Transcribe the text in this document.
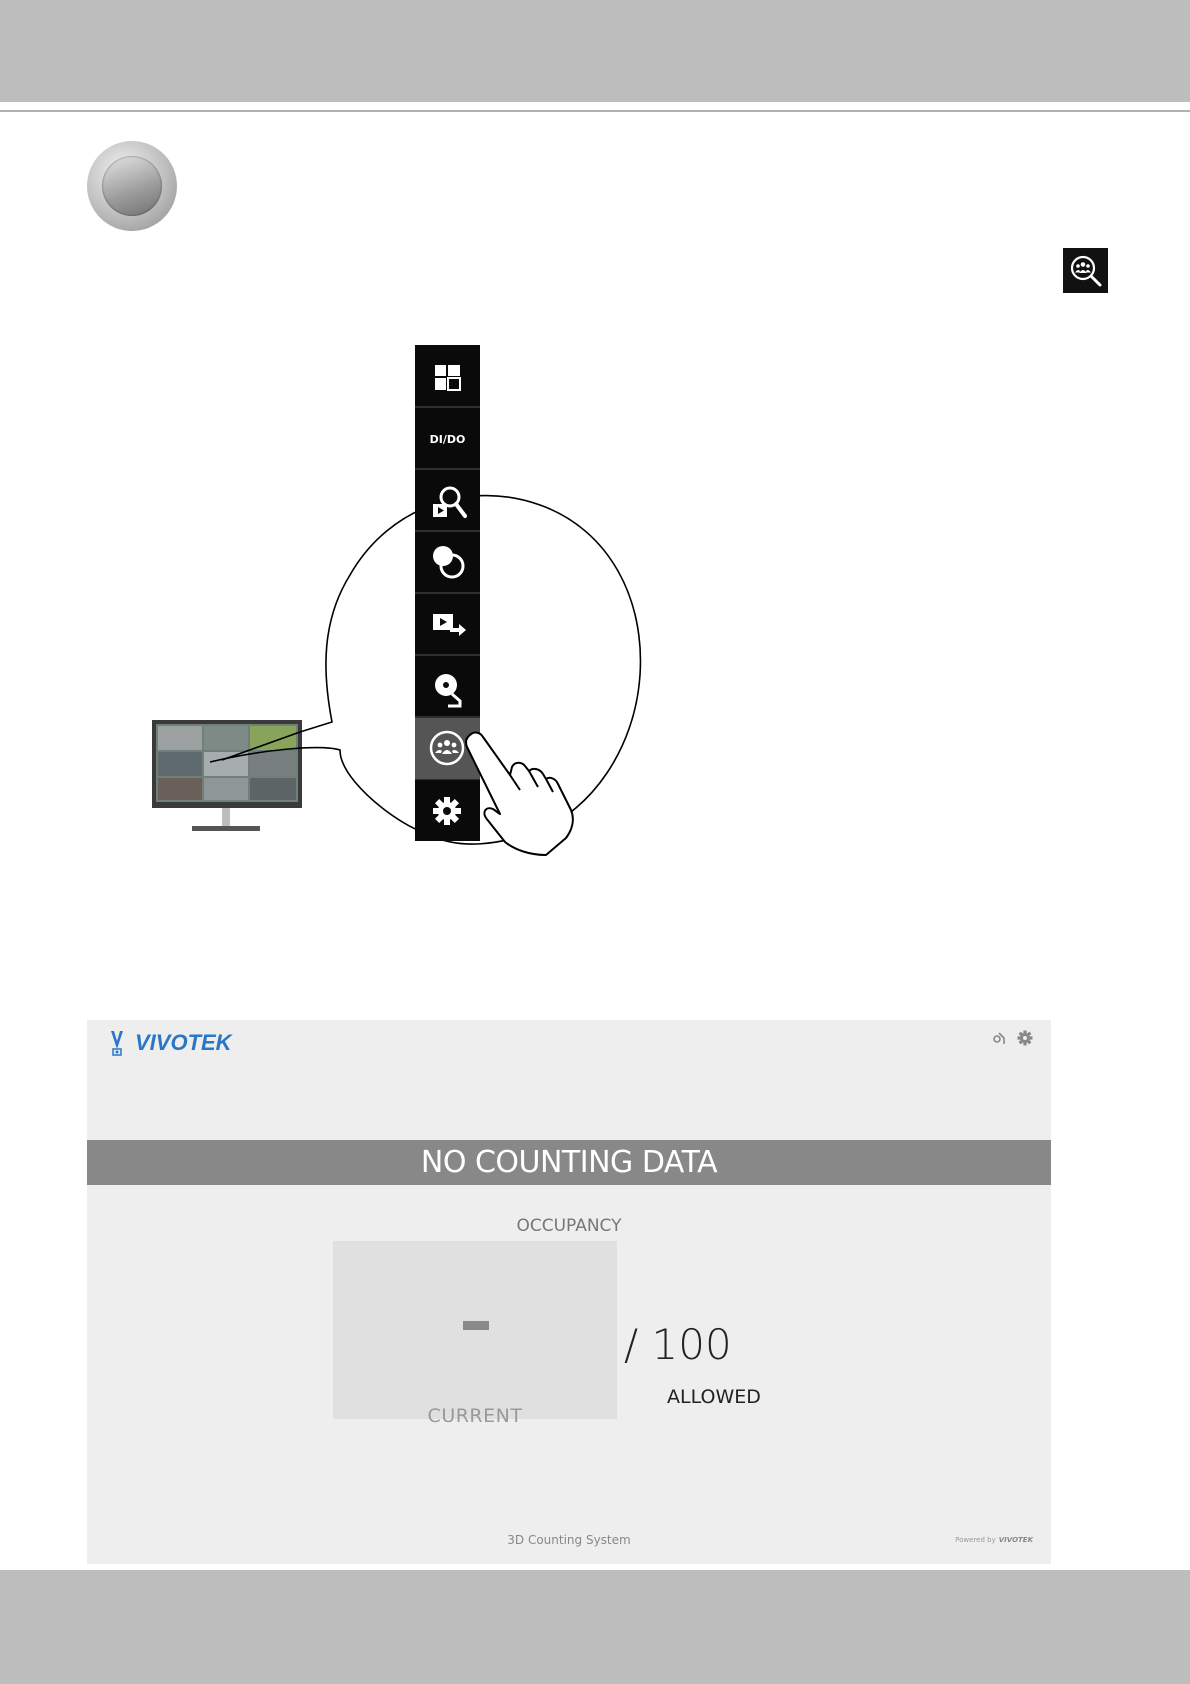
DI/DO
VIVOTEK
NO COUNTING DATA
OCCUPANCY
CURRENT
/ 100
ALLOWED
3D Counting System	Powered by VIVOTEK
